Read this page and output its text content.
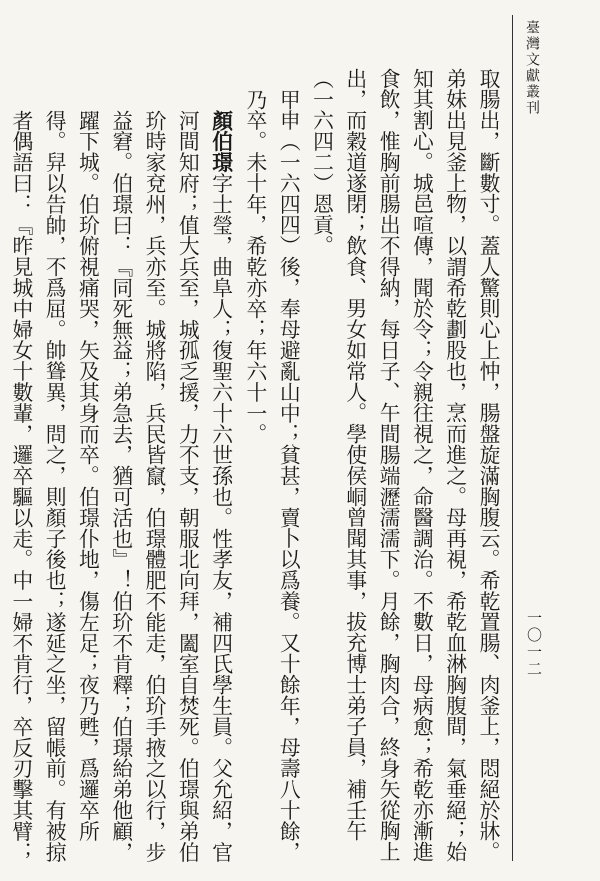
臺灣文獻叢刊
一〇一二

取腸出，斷數寸。蓋人驚則心上忡，腸盤旋滿胸腹云。希乾置腸、肉釜上，悶絕於牀。弟妹出見釜上物，以謂希乾劃股也，烹而進之。母再視，希乾血淋胸腹間，氣垂絕；始知其割心。城邑喧傳，聞於令；令親往視之，命醫調治。不數日，母病愈；希乾亦漸進食飲，惟胸前腸出不得納，每日子、午間腸端瀝濡濡下。月餘，胸肉合，終身矢從胸上出，而穀道遂閉；飲食、男女如常人。學使侯峒曾聞其事，拔充博士弟子員，補壬午（一六四二）恩貢。

甲申（一六四四）後，奉母避亂山中；貧甚，賣卜以爲養。又十餘年，母壽八十餘，乃卒。未十年，希乾亦卒；年六十一。

顏伯璟字士瑩，曲阜人；復聖六十六世孫也。性孝友，補四氏學生員。父允紹，官河間知府；值大兵至，城孤乏援，力不支，朝服北向拜，闔室自焚死。伯璟與弟伯玠時家兗州，兵亦至。城將陷，兵民皆竄，伯璟體肥不能走，伯玠手掖之以行，步益窘。伯璟曰：『同死無益；弟急去，猶可活也』！伯玠不肯釋；伯璟紿弟他顧，躍下城。伯玠俯視痛哭，矢及其身而卒。伯璟仆地，傷左足；夜乃甦，爲邏卒所得。舁以告帥，不爲屈。帥聳異，問之，則顏子後也；遂延之坐，留帳前。有被掠者偶語曰：『昨見城中婦女十數輩，邏卒驅以走。中一婦不肯行，卒反刃擊其臂；
